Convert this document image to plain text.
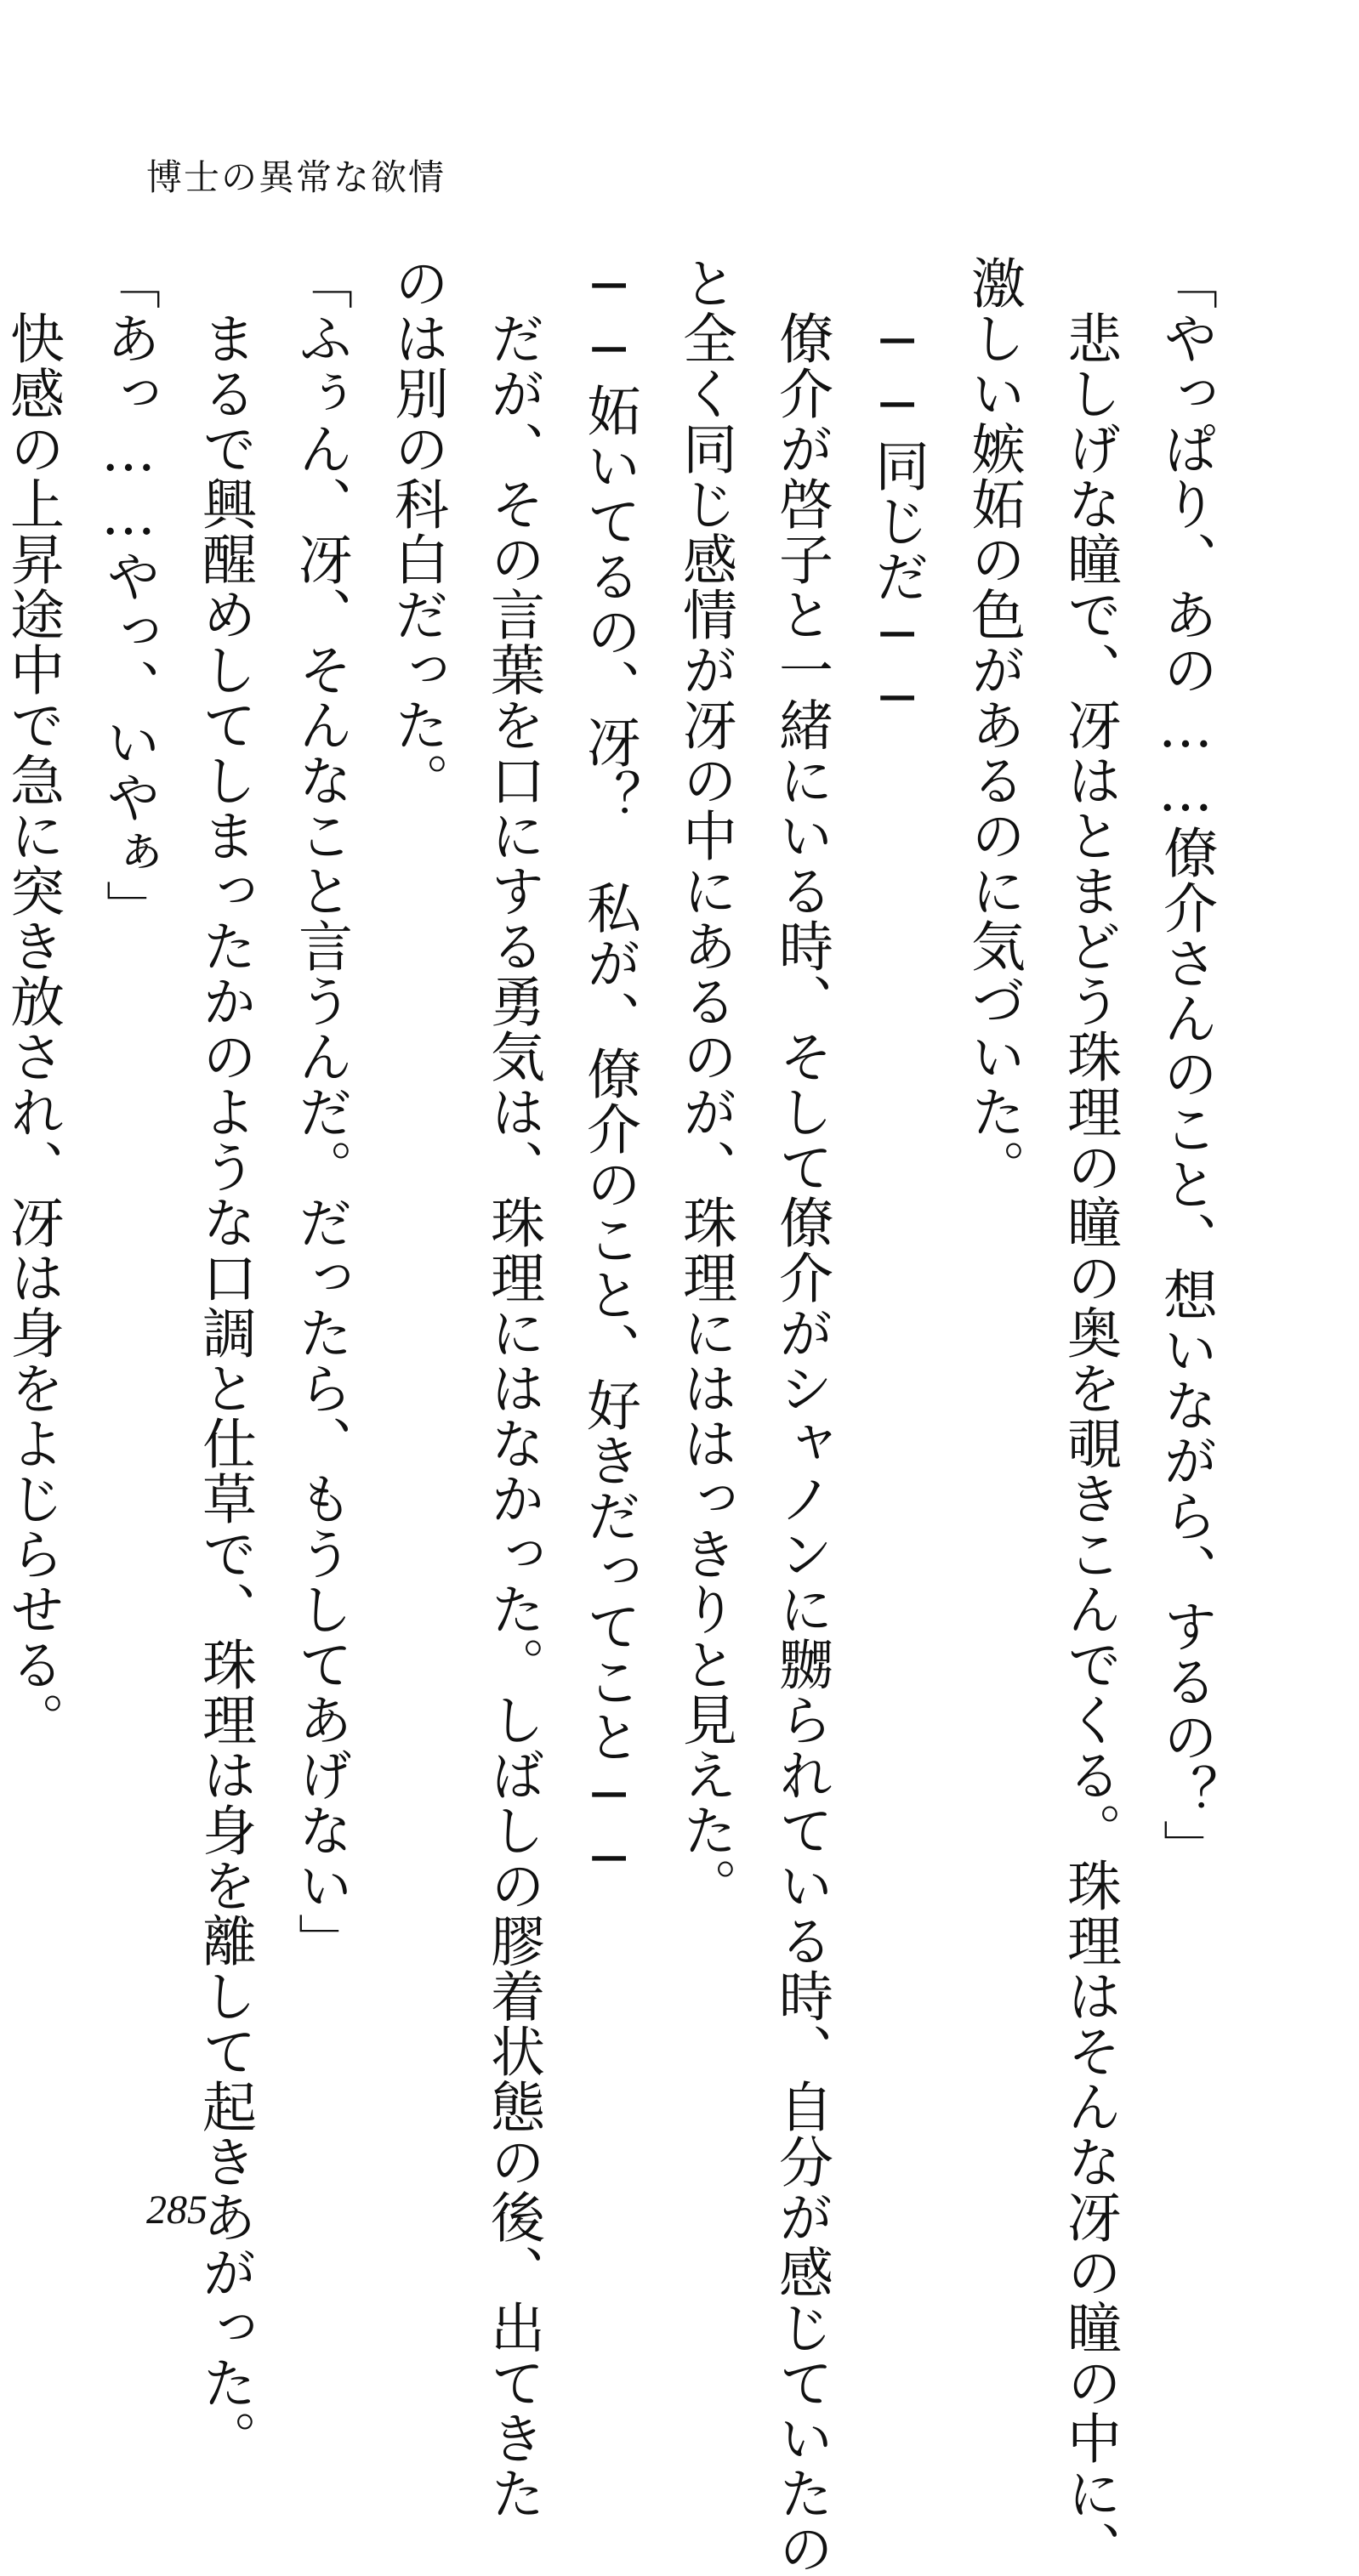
博士の異常な欲情

「やっぱり、あの……僚介さんのこと、想いながら、するの？」

　悲しげな瞳で、冴はとまどう珠理の瞳の奥を覗きこんでくる。珠理はそんな冴の瞳の中に、

激しい嫉妬の色があるのに気づいた。

　──同じだ──

　僚介が啓子と一緒にいる時、そして僚介がシャノンに嬲られている時、自分が感じていたの

と全く同じ感情が冴の中にあるのが、珠理にははっきりと見えた。

──妬いてるの、冴？　私が、僚介のこと、好きだってこと──

　だが、その言葉を口にする勇気は、珠理にはなかった。しばしの膠着状態の後、出てきた

のは別の科白だった。

「ふぅん、冴、そんなこと言うんだ。だったら、もうしてあげない」

　まるで興醒めしてしまったかのような口調と仕草で、珠理は身を離して起きあがった。

「あっ……やっ、いやぁ」

　快感の上昇途中で急に突き放され、冴は身をよじらせる。

285
